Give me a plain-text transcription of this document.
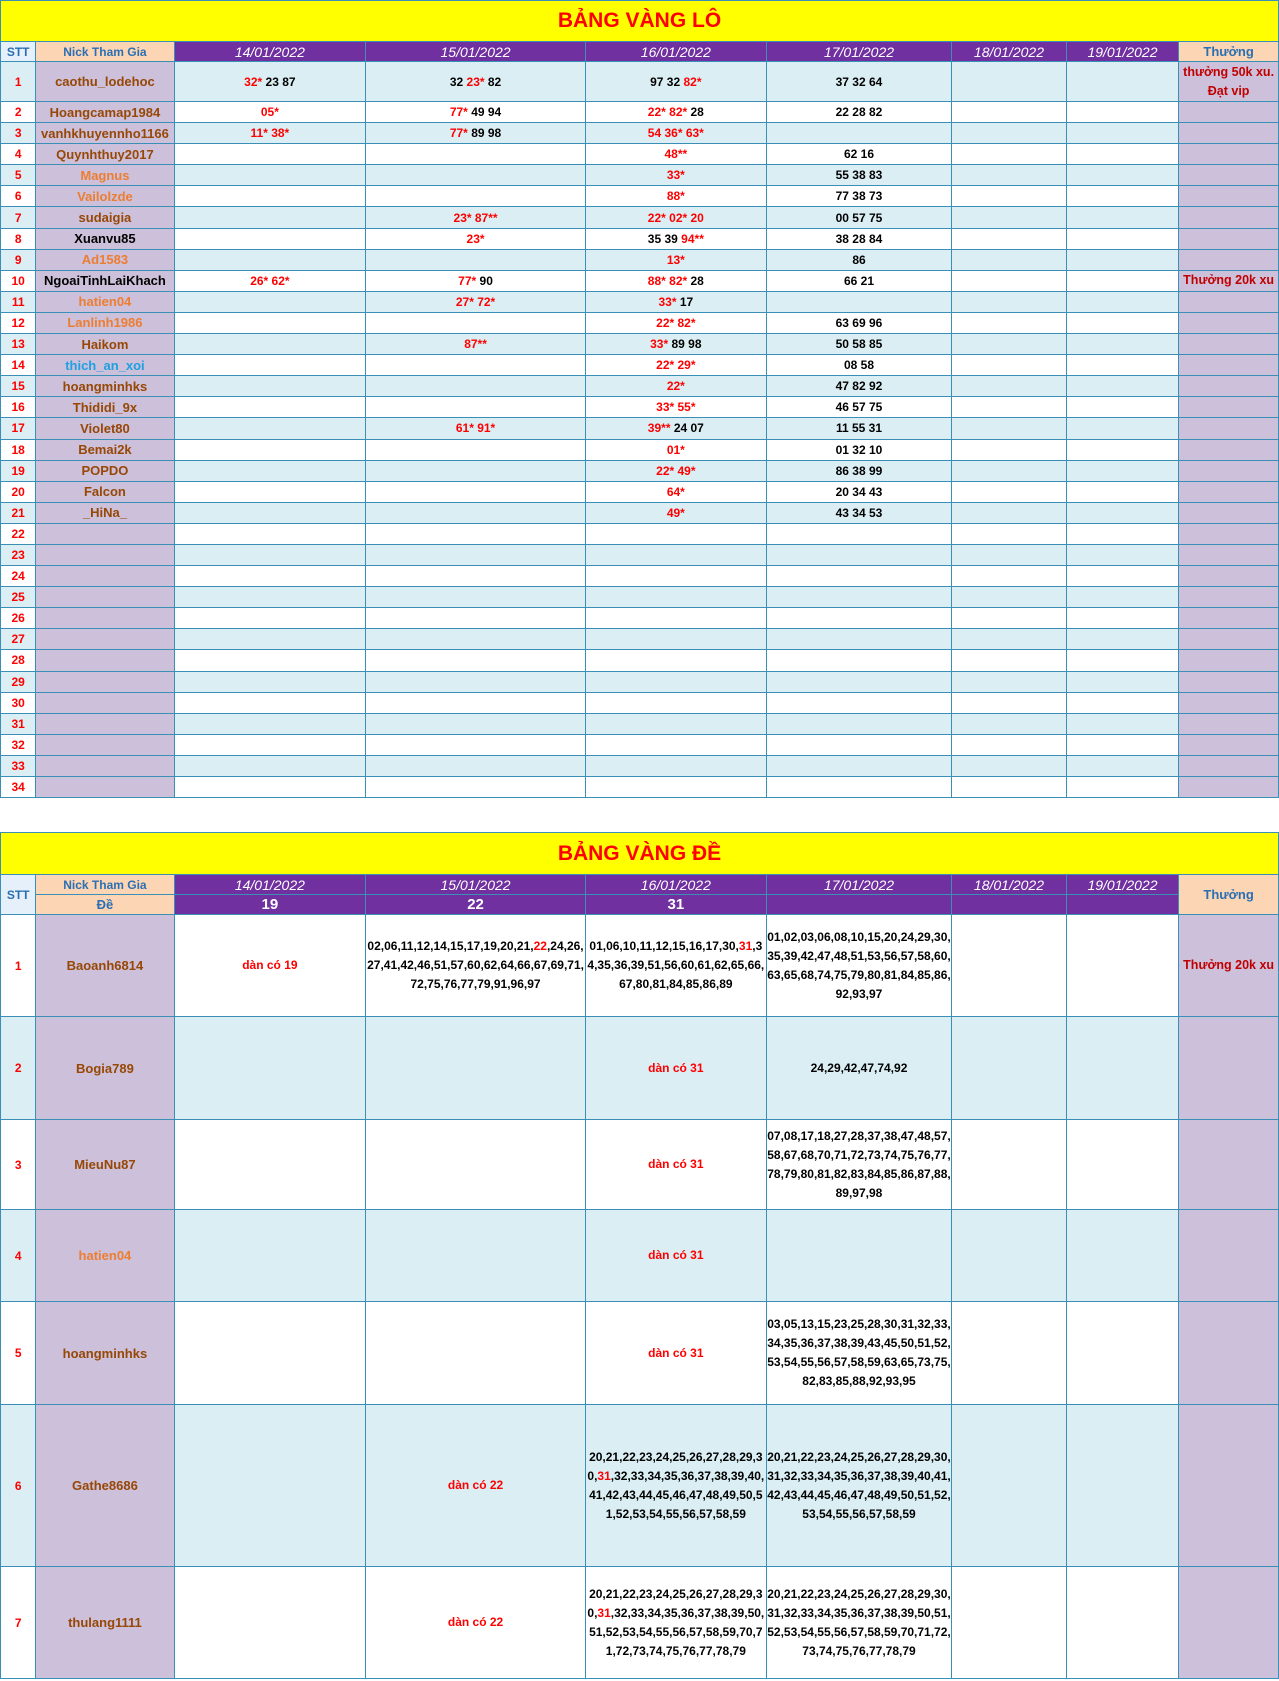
BẢNG VÀNG LÔ								
STT	Nick Tham Gia	14/01/2022	15/01/2022	16/01/2022	17/01/2022	18/01/2022	19/01/2022	Thưởng
1	caothu_lodehoc	32* 23 87	32 23* 82	97 32 82*	37 32 64			thưởng 50k xu. Đạt vip
2	Hoangcamap1984	05*	77* 49 94	22* 82* 28	22 28 82			
3	vanhkhuyennho1166	11* 38*	77* 89 98	54 36* 63*				
4	Quynhthuy2017			48**	62 16			
5	Magnus			33*	55 38 83			
6	Vailolzde			88*	77 38 73			
7	sudaigia		23* 87**	22* 02* 20	00 57 75			
8	Xuanvu85		23*	35 39 94**	38 28 84			
9	Ad1583			13*	86			
10	NgoaiTinhLaiKhach	26* 62*	77* 90	88* 82* 28	66 21			Thưởng 20k xu
11	hatien04		27* 72*	33* 17				
12	Lanlinh1986			22* 82*	63 69 96			
13	Haikom		87**	33* 89 98	50 58 85			
14	thich_an_xoi			22* 29*	08 58			
15	hoangminhks			22*	47 82 92			
16	Thididi_9x			33* 55*	46 57 75			
17	Violet80		61* 91*	39** 24 07	11 55 31			
18	Bemai2k			01*	01 32 10			
19	POPDO			22* 49*	86 38 99			
20	Falcon			64*	20 34 43			
21	_HiNa_			49*	43 34 53			
22								
23								
24								
25								
26								
27								
28								
29								
30								
31								
32								
33								
34								
BẢNG VÀNG ĐỀ								
STT	Nick Tham Gia	14/01/2022	15/01/2022	16/01/2022	17/01/2022	18/01/2022	19/01/2022	Thưởng
	Đề	19	22	31				
1	Baoanh6814	dàn có 19	02,06,11,12,14,15,17,19,20,21,22,24,26,27,41,42,46,51,57,60,62,64,66,67,69,71,72,75,76,77,79,91,96,97	01,06,10,11,12,15,16,17,30,31,34,35,36,39,51,56,60,61,62,65,66,67,80,81,84,85,86,89	01,02,03,06,08,10,15,20,24,29,30,35,39,42,47,48,51,53,56,57,58,60,63,65,68,74,75,79,80,81,84,85,86,92,93,97			Thưởng 20k xu
2	Bogia789			dàn có 31	24,29,42,47,74,92			
3	MieuNu87			dàn có 31	07,08,17,18,27,28,37,38,47,48,57,58,67,68,70,71,72,73,74,75,76,77,78,79,80,81,82,83,84,85,86,87,88,89,97,98			
4	hatien04			dàn có 31				
5	hoangminhks			dàn có 31	03,05,13,15,23,25,28,30,31,32,33,34,35,36,37,38,39,43,45,50,51,52,53,54,55,56,57,58,59,63,65,73,75,82,83,85,88,92,93,95			
6	Gathe8686		dàn có 22	20,21,22,23,24,25,26,27,28,29,30,31,32,33,34,35,36,37,38,39,40,41,42,43,44,45,46,47,48,49,50,51,52,53,54,55,56,57,58,59	20,21,22,23,24,25,26,27,28,29,30,31,32,33,34,35,36,37,38,39,40,41,42,43,44,45,46,47,48,49,50,51,52,53,54,55,56,57,58,59			
7	thulang1111		dàn có 22	20,21,22,23,24,25,26,27,28,29,30,31,32,33,34,35,36,37,38,39,50,51,52,53,54,55,56,57,58,59,70,71,72,73,74,75,76,77,78,79	20,21,22,23,24,25,26,27,28,29,30,31,32,33,34,35,36,37,38,39,50,51,52,53,54,55,56,57,58,59,70,71,72,73,74,75,76,77,78,79			
